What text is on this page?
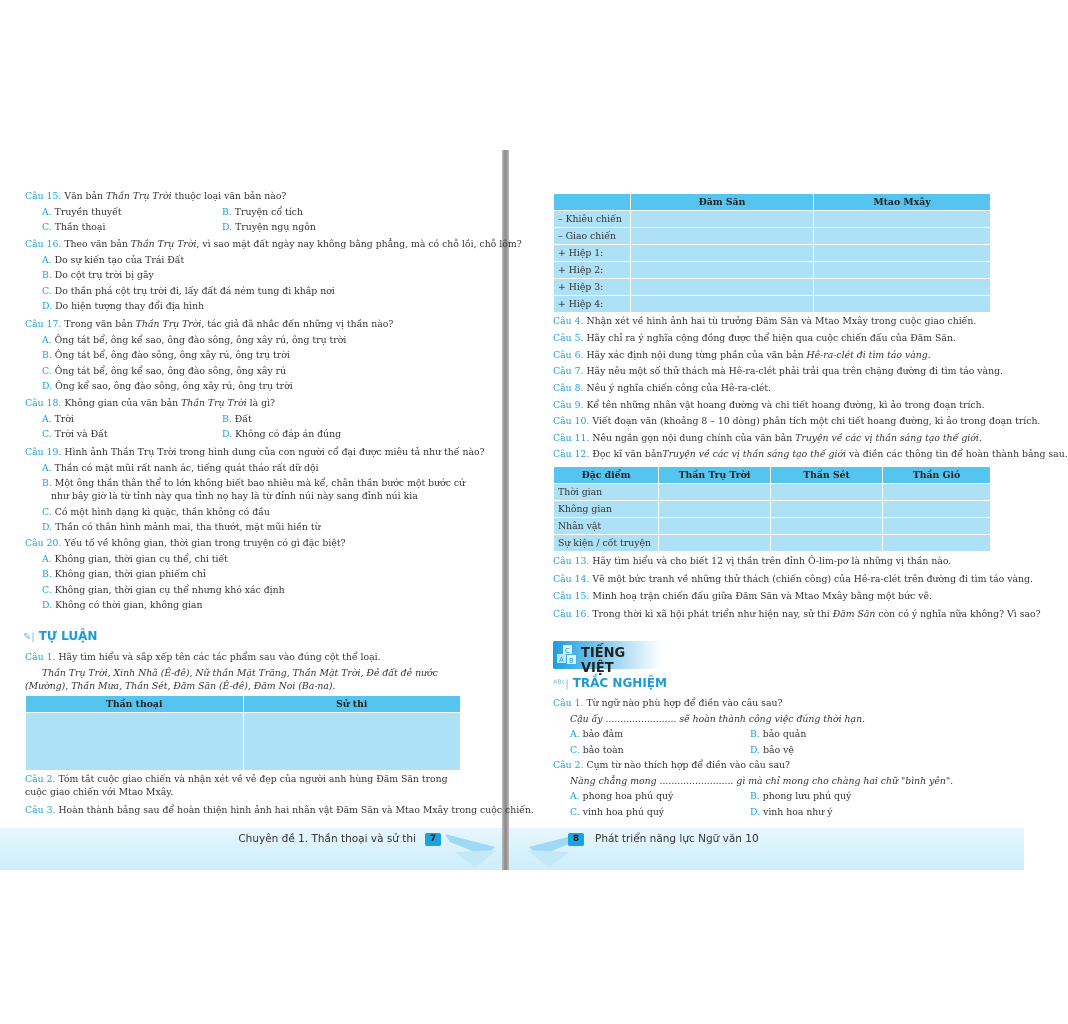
Câu 15. Văn bản Thần Trụ Trời thuộc loại văn bản nào?
A. Truyền thuyết	B. Truyện cổ tích
C. Thần thoại	D. Truyện ngụ ngôn
Câu 16. Theo văn bản Thần Trụ Trời, vì sao mặt đất ngày nay không bằng phẳng, mà có chỗ lồi, chỗ lõm?
A. Do sự kiến tạo của Trái Đất
B. Do cột trụ trời bị gãy
C. Do thần phá cột trụ trời đi, lấy đất đá ném tung đi khắp nơi
D. Do hiện tượng thay đổi địa hình
Câu 17. Trong văn bản Thần Trụ Trời, tác giả đã nhắc đến những vị thần nào?
A. Ông tát bể, ông kể sao, ông đào sông, ông xây rú, ông trụ trời
B. Ông tát bể, ông đào sông, ông xây rú, ông trụ trời
C. Ông tát bể, ông kể sao, ông đào sông, ông xây rú
D. Ông kể sao, ông đào sông, ông xây rú, ông trụ trời
Câu 18. Không gian của văn bản Thần Trụ Trời là gì?
A. Trời	B. Đất
C. Trời và Đất	D. Không có đáp án đúng
Câu 19. Hình ảnh Thần Trụ Trời trong hình dung của con người cổ đại được miêu tả như thế nào?
A. Thần có mặt mũi rất nanh ác, tiếng quát tháo rất dữ dội
B. Một ông thần thân thể to lớn không biết bao nhiêu mà kể, chân thần bước một bước cứ như bây giờ là từ tỉnh này qua tỉnh nọ hay là từ đỉnh núi này sang đỉnh núi kia
C. Có một hình dạng kì quặc, thần không có đầu
D. Thần có thân hình mảnh mai, tha thướt, mặt mũi hiền từ
Câu 20. Yếu tố về không gian, thời gian trong truyện có gì đặc biệt?
A. Không gian, thời gian cụ thể, chi tiết
B. Không gian, thời gian phiếm chỉ
C. Không gian, thời gian cụ thể nhưng khó xác định
D. Không có thời gian, không gian
Câu 1. Hãy tìm hiểu và sắp xếp tên các tác phẩm sau vào đúng cột thể loại.
Thần Trụ Trời, Xinh Nhã (Ê-đê), Nữ thần Mặt Trăng, Thần Mặt Trời, Đẻ đất đẻ nước (Mường), Thần Mưa, Thần Sét, Đăm Săn (Ê-đê), Đăm Noi (Ba-na).
Câu 2. Tóm tắt cuộc giao chiến và nhận xét về vẻ đẹp của người anh hùng Đăm Săn trong cuộc giao chiến với Mtao Mxây.
Câu 3. Hoàn thành bảng sau để hoàn thiện hình ảnh hai nhân vật Đăm Săn và Mtao Mxây trong cuộc chiến.
Câu 4. Nhận xét về hình ảnh hai tù trưởng Đăm Săn và Mtao Mxây trong cuộc giao chiến.
Câu 5. Hãy chỉ ra ý nghĩa cộng đồng được thể hiện qua cuộc chiến đấu của Đăm Săn.
Câu 6. Hãy xác định nội dung từng phần của văn bản Hê-ra-clét đi tìm táo vàng.
Câu 7. Hãy nêu một số thử thách mà Hê-ra-clét phải trải qua trên chặng đường đi tìm táo vàng.
Câu 8. Nêu ý nghĩa chiến công của Hê-ra-clét.
Câu 9. Kể tên những nhân vật hoang đường và chi tiết hoang đường, kì ảo trong đoạn trích.
Câu 10. Viết đoạn văn (khoảng 8 – 10 dòng) phân tích một chi tiết hoang đường, kì ảo trong đoạn trích.
Câu 11. Nêu ngắn gọn nội dung chính của văn bản Truyện về các vị thần sáng tạo thế giới.
Câu 12. Đọc kĩ văn bảnTruyện về các vị thần sáng tạo thế giới và điền các thông tin để hoàn thành bảng sau.
Câu 13. Hãy tìm hiểu và cho biết 12 vị thần trên đỉnh Ô-lim-pơ là những vị thần nào.
Câu 14. Vẽ một bức tranh về những thử thách (chiến công) của Hê-ra-clét trên đường đi tìm táo vàng.
Câu 15. Minh hoạ trận chiến đấu giữa Đăm Săn và Mtao Mxây bằng một bức vẽ.
Câu 16. Trong thời kì xã hội phát triển như hiện nay, sử thi Đăm Săn còn có ý nghĩa nữa không? Vì sao?
Câu 1. Từ ngữ nào phù hợp để điền vào câu sau?
Cậu ấy ........................ sẽ hoàn thành công việc đúng thời hạn.
A. bảo đảm	B. bảo quản
C. bảo toàn	D. bảo vệ
Câu 2. Cụm từ nào thích hợp để điền vào câu sau?
Nàng chẳng mong ......................... gì mà chỉ mong cho chàng hai chữ "bình yên".
A. phong hoa phú quý	B. phong lưu phú quý
C. vinh hoa phú quý	D. vinh hoa như ý
Thần thoại	Sử thi

✎| TỰ LUẬN
	Đăm Săn	Mtao Mxây
– Khiêu chiến		
– Giao chiến		
+ Hiệp 1:		
+ Hiệp 2:		
+ Hiệp 3:		
+ Hiệp 4:		
Đặc điểm	Thần Trụ Trời	Thần Sét	Thần Gió
Thời gian			
Không gian			
Nhân vật			
Sự kiện / cốt truyện			
C
B
A TIẾNG VIỆT
ᴬᴮᶜ| TRẮC NGHIỆM
Chuyên đề 1. Thần thoại và sử thi	7	8	Phát triển năng lực Ngữ văn 10
